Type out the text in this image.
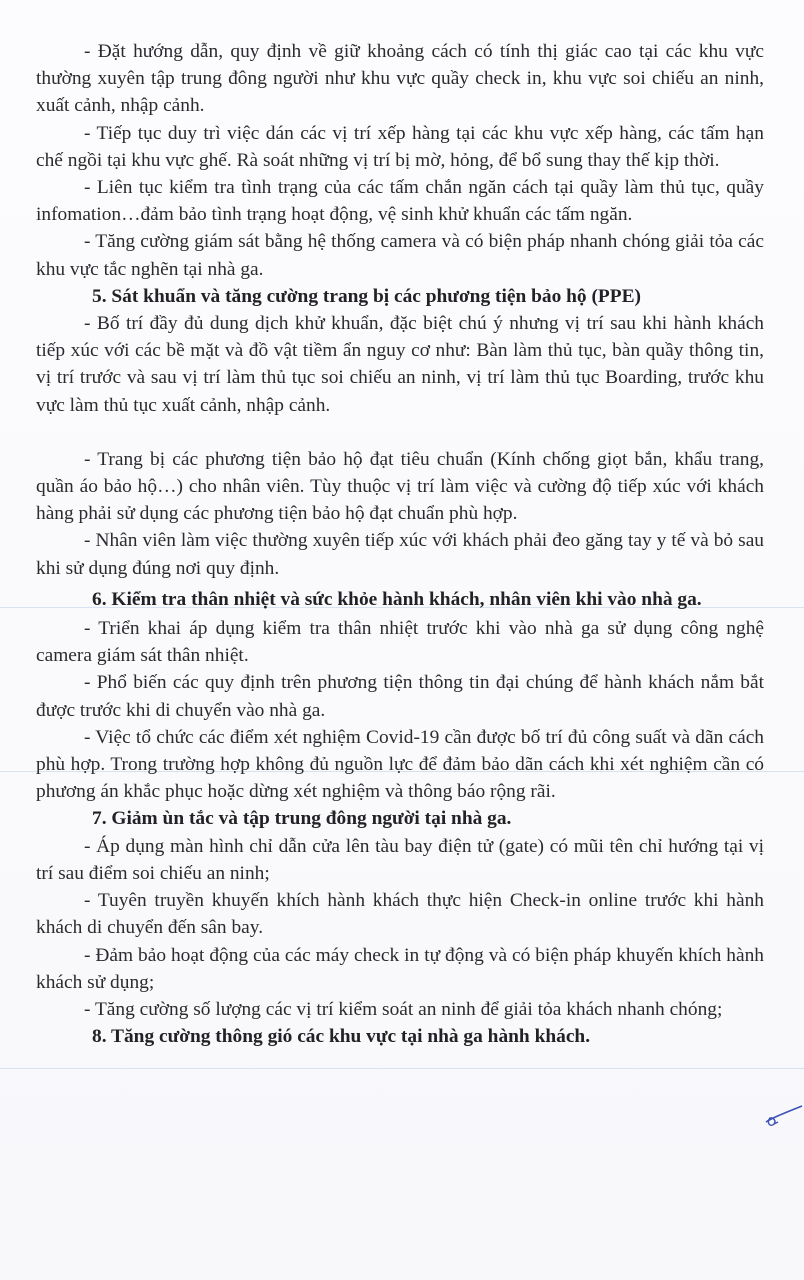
- Đặt hướng dẫn, quy định về giữ khoảng cách có tính thị giác cao tại các khu vực thường xuyên tập trung đông người như khu vực quầy check in, khu vực soi chiếu an ninh, xuất cảnh, nhập cảnh.

- Tiếp tục duy trì việc dán các vị trí xếp hàng tại các khu vực xếp hàng, các tấm hạn chế ngồi tại khu vực ghế. Rà soát những vị trí bị mờ, hỏng, để bổ sung thay thế kịp thời.

- Liên tục kiểm tra tình trạng của các tấm chắn ngăn cách tại quầy làm thủ tục, quầy infomation…đảm bảo tình trạng hoạt động, vệ sinh khử khuẩn các tấm ngăn.

- Tăng cường giám sát bằng hệ thống camera và có biện pháp nhanh chóng giải tỏa các khu vực tắc nghẽn tại nhà ga.

5. Sát khuẩn và tăng cường trang bị các phương tiện bảo hộ (PPE)

- Bố trí đầy đủ dung dịch khử khuẩn, đặc biệt chú ý nhưng vị trí sau khi hành khách tiếp xúc với các bề mặt và đồ vật tiềm ẩn nguy cơ như: Bàn làm thủ tục, bàn quầy thông tin, vị trí trước và sau vị trí làm thủ tục soi chiếu an ninh, vị trí làm thủ tục Boarding, trước khu vực làm thủ tục xuất cảnh, nhập cảnh.

- Trang bị các phương tiện bảo hộ đạt tiêu chuẩn (Kính chống giọt bắn, khẩu trang, quần áo bảo hộ…) cho nhân viên. Tùy thuộc vị trí làm việc và cường độ tiếp xúc với khách hàng phải sử dụng các phương tiện bảo hộ đạt chuẩn phù hợp.

- Nhân viên làm việc thường xuyên tiếp xúc với khách phải đeo găng tay y tế và bỏ sau khi sử dụng đúng nơi quy định.

6. Kiểm tra thân nhiệt và sức khỏe hành khách, nhân viên khi vào nhà ga.

- Triển khai áp dụng kiểm tra thân nhiệt trước khi vào nhà ga sử dụng công nghệ camera giám sát thân nhiệt.

- Phổ biến các quy định trên phương tiện thông tin đại chúng để hành khách nắm bắt được trước khi di chuyển vào nhà ga.

- Việc tổ chức các điểm xét nghiệm Covid-19 cần được bố trí đủ công suất và dãn cách phù hợp. Trong trường hợp không đủ nguồn lực để đảm bảo dãn cách khi xét nghiệm cần có phương án khắc phục hoặc dừng xét nghiệm và thông báo rộng rãi.

7. Giảm ùn tắc và tập trung đông người tại nhà ga.

- Áp dụng màn hình chỉ dẫn cửa lên tàu bay điện tử (gate) có mũi tên chỉ hướng tại vị trí sau điểm soi chiếu an ninh;

- Tuyên truyền khuyến khích hành khách thực hiện Check-in online trước khi hành khách di chuyển đến sân bay.

- Đảm bảo hoạt động của các máy check in tự động và có biện pháp khuyến khích hành khách sử dụng;

- Tăng cường số lượng các vị trí kiểm soát an ninh để giải tỏa khách nhanh chóng;

8. Tăng cường thông gió các khu vực tại nhà ga hành khách.
